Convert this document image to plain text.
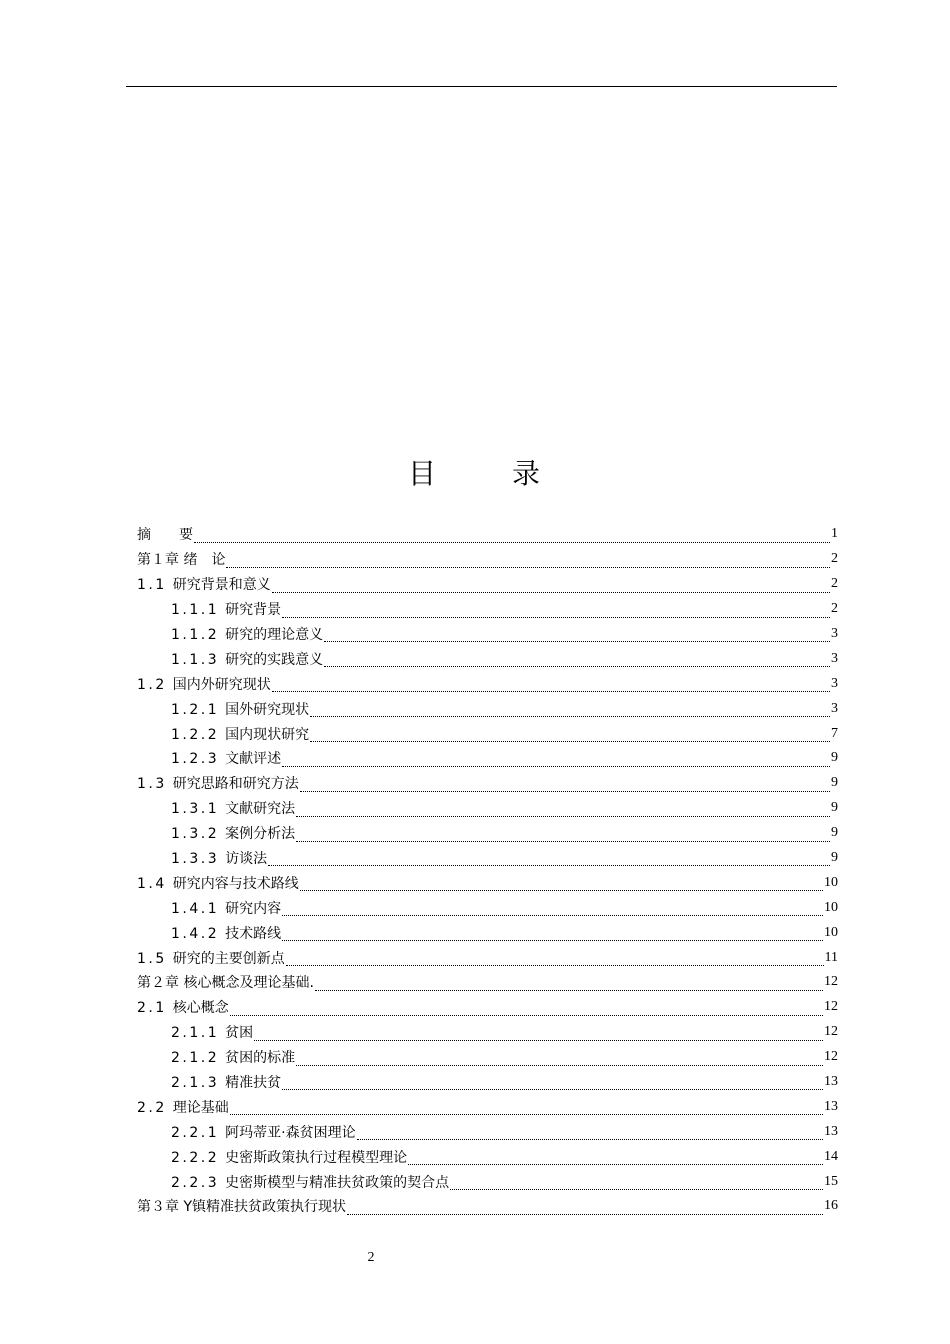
目	录
摘　　要	1
第１章 绪　论	2
1.1 研究背景和意义	2
1.1.1 研究背景	2
1.1.2 研究的理论意义	3
1.1.3 研究的实践意义	3
1.2 国内外研究现状	3
1.2.1 国外研究现状	3
1.2.2 国内现状研究	7
1.2.3 文献评述	9
1.3 研究思路和研究方法	9
1.3.1 文献研究法	9
1.3.2 案例分析法	9
1.3.3 访谈法	9
1.4 研究内容与技术路线	10
1.4.1 研究内容	10
1.4.2 技术路线	10
1.5 研究的主要创新点	11
第２章 核心概念及理论基础.	12
2.1 核心概念	12
2.1.1 贫困	12
2.1.2 贫困的标准	12
2.1.3 精准扶贫	13
2.2 理论基础	13
2.2.1 阿玛蒂亚·森贫困理论	13
2.2.2 史密斯政策执行过程模型理论	14
2.2.3 史密斯模型与精准扶贫政策的契合点	15
第３章 Y镇精准扶贫政策执行现状	16
2
